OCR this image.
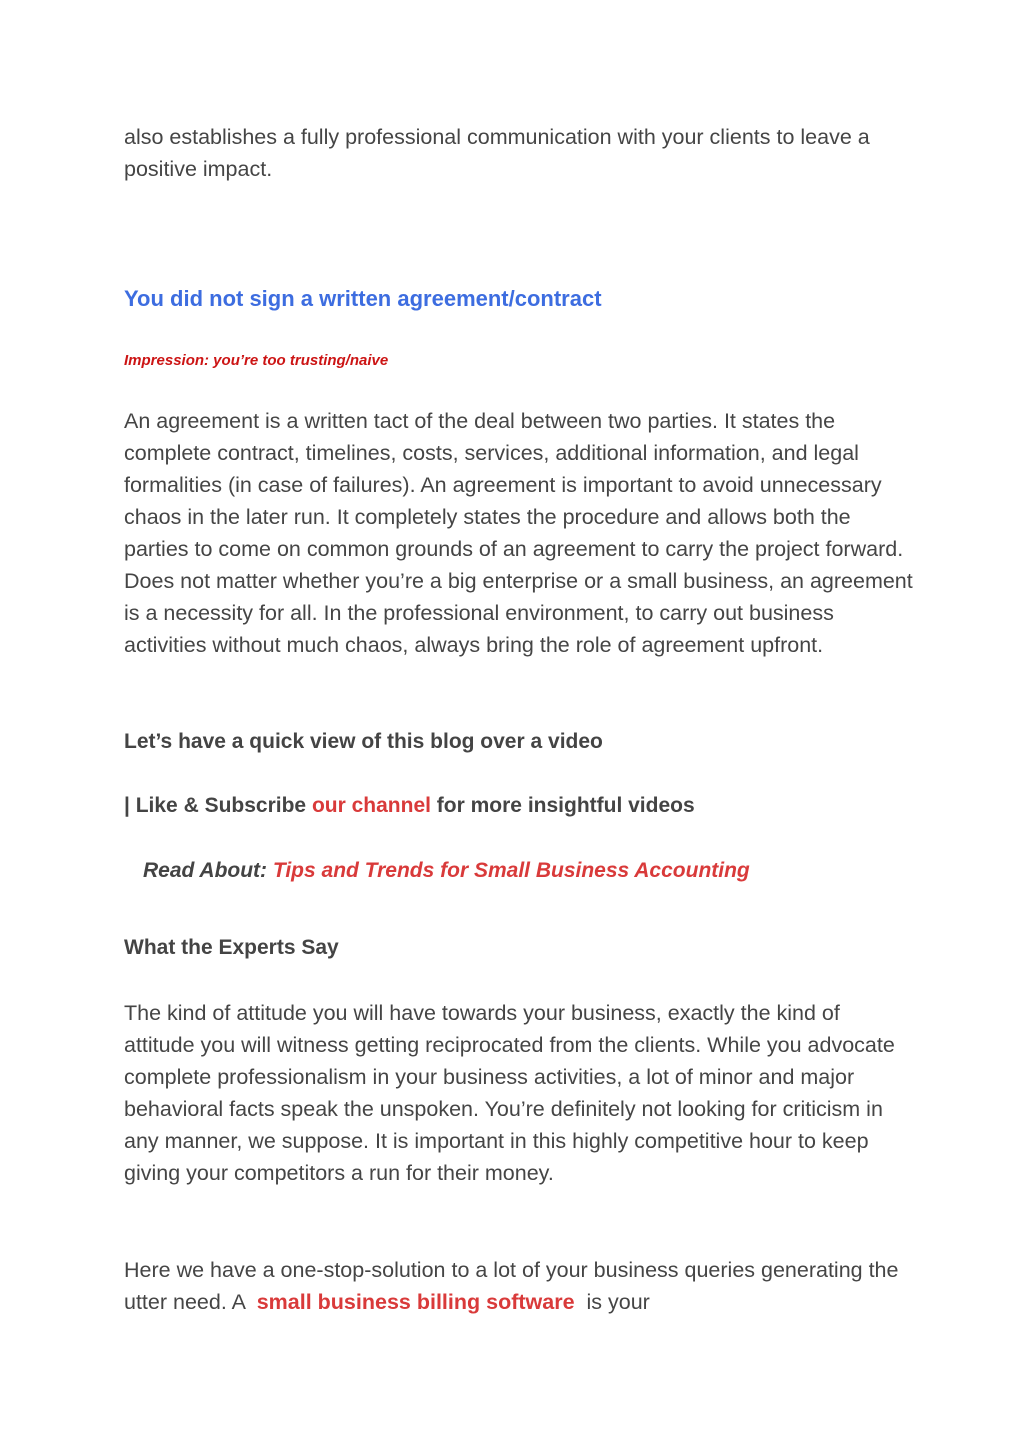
also establishes a fully professional communication with your clients to leave a positive impact.

You did not sign a written agreement/contract
Impression: you’re too trusting/naive

An agreement is a written tact of the deal between two parties. It states the complete contract, timelines, costs, services, additional information, and legal formalities (in case of failures). An agreement is important to avoid unnecessary chaos in the later run. It completely states the procedure and allows both the parties to come on common grounds of an agreement to carry the project forward. Does not matter whether you’re a big enterprise or a small business, an agreement is a necessity for all. In the professional environment, to carry out business activities without much chaos, always bring the role of agreement upfront.

Let’s have a quick view of this blog over a video
| Like & Subscribe our channel for more insightful videos
Read About: Tips and Trends for Small Business Accounting
What the Experts Say

The kind of attitude you will have towards your business, exactly the kind of attitude you will witness getting reciprocated from the clients. While you advocate complete professionalism in your business activities, a lot of minor and major behavioral facts speak the unspoken. You’re definitely not looking for criticism in any manner, we suppose. It is important in this highly competitive hour to keep giving your competitors a run for their money.

Here we have a one-stop-solution to a lot of your business queries generating the utter need. A small business billing software is your
